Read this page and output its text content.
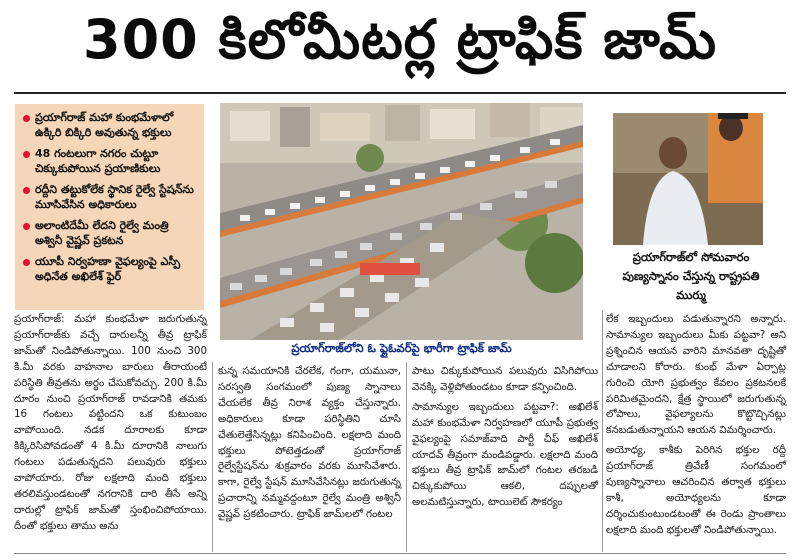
300 కిలోమీటర్ల ట్రాఫిక్ జామ్
ప్రయాగ్‌రాజ్ మహా కుంభమేళాలో ఉక్కిరి బిక్కిరి అవుతున్న భక్తులు
48 గంటలుగా నగరం చుట్టూ చిక్కుకుపోయిన ప్రయాణికులు
రద్దీని తట్టుకోలేక స్థానిక రైల్వే స్టేషన్‌ను మూసివేసిన అధికారులు
అలాంటిదేమీ లేదని రైల్వే మంత్రి అశ్వినీ వైష్ణవ్ ప్రకటన
యూపీ నిర్వహణా వైఫల్యంపై ఎస్పీ అధినేత అఖిలేశ్ ఫైర్
ప్రయాగ్‌రాజ్‌లోని ఓ ఫ్లైఓవర్‌పై భారీగా ట్రాఫిక్ జామ్
ప్రయాగ్‌రాజ్‌లో సోమవారం పుణ్యస్నానం చేస్తున్న రాష్ట్రపతి ముర్ము
ప్రయాగ్‌రాజ్: మహా కుంభమేళా జరుగుతున్న ప్రయాగ్‌రాజ్‌కు వచ్చే దారులన్నీ తీవ్ర ట్రాఫిక్ జామ్‌తో నిండిపోతున్నాయి. 100 నుంచి 300 కి.మీ వరకు వాహనాల బారులు తీరాయంటే పరిస్థితి తీవ్రతను అర్థం చేసుకోవచ్చు. 200 కి.మీ దూరం నుంచి ప్రయాగ్‌రాజ్ రావడానికి తమకు 16 గంటలు పట్టిందని ఒక కుటుంబం వాపోయింది. నడక దూరాలకు కూడా కిక్కిరిసిపోవడంతో 4 కి.మీ దూరానికి నాలుగు గంటలు పడుతున్నదని పలువురు భక్తులు వాపోయారు. రోజు లక్షలాది మంది భక్తులు తరలివస్తుండటంతో నగరానికి దారి తీసే అన్ని దారుల్లో ట్రాఫిక్ జామ్‌తో స్తంభించిపోయాయి. దీంతో భక్తులు తాము అను
కున్న సమయానికి చేరలేక, గంగా, యమునా, సరస్వతి సంగమంలో పుణ్య స్నానాలు చేయలేక తీవ్ర నిరాశ వ్యక్తం చేస్తున్నారు. అధికారులు కూడా పరిస్థితిని చూసి చేతులెత్తేసిన్నట్లు కనిపించింది. లక్షలాది మంది భక్తులు పోటెత్తడంతో ప్రయాగ్‌రాజ్ రైల్వేస్టేషన్‌ను శుక్రవారం వరకు మూసివేశారు. కాగా, రైల్వే స్టేషన్ మూసివేసినట్లు జరుగుతున్న ప్రచారాన్ని నమ్మవద్దంటూ రైల్వే మంత్రి అశ్వినీ వైష్ణవ్ ప్రకటించారు. ట్రాఫిక్ జామ్‌లలో గంటల

పాటు చిక్కుకుపోయిన పలువురు విసిగిపోయి వెనక్కి వెళ్లిపోతుండటం కూడా కన్పించింది.

సామాన్యుల ఇబ్బందులు పట్టవా?: అఖిలేశ్ మహా కుంభమేళా నిర్వహణలో యూపీ ప్రభుత్వ వైఫల్యంపై సమాజ్‌వాది పార్టీ చీఫ్ అఖిలేశ్ యాదవ్ తీవ్రంగా మండిపడ్డారు. లక్షలాది మంది భక్తులు తీవ్ర ట్రాఫిక్ జామ్‌లో గంటల తరబడి చిక్కుకుపోయి ఆకలి, దప్పులతో అలమటిస్తున్నారు, టాయిలెట్ సౌకర్యం

లేక ఇబ్బందులు పడుతున్నారని అన్నారు. సామాన్యుల ఇబ్బందులు మీకు పట్టవా? అని ప్రశ్నించిన ఆయన వారిని మానవతా దృష్టితో చూడాలని కోరారు. కుంభ్ మేళా ఏర్పాట్ల గురించి యోగి ప్రభుత్వం కేవలం ప్రకటనలకే పరిమితమైందని, క్షేత్ర స్థాయిలో జరుగుతున్న లోపాలు, వైఫల్యాలను కొట్టొచ్చినట్లు కనబడుతున్నాయని ఆయన విమర్శించారు.

అయోధ్య, కాశీకు పెరిగిన భక్తుల రద్దీ ప్రయాగ్‌రాజ్ త్రివేణీ సంగమంలో పుణ్యస్నానాలు ఆచరించిన తర్వాత భక్తులు కాశీ, అయోధ్యలను కూడా దర్శించుకుంటుండటంతో ఈ రెండు ప్రాంతాలు లక్షలాది మంది భక్తులతో నిండిపోతున్నాయి.
